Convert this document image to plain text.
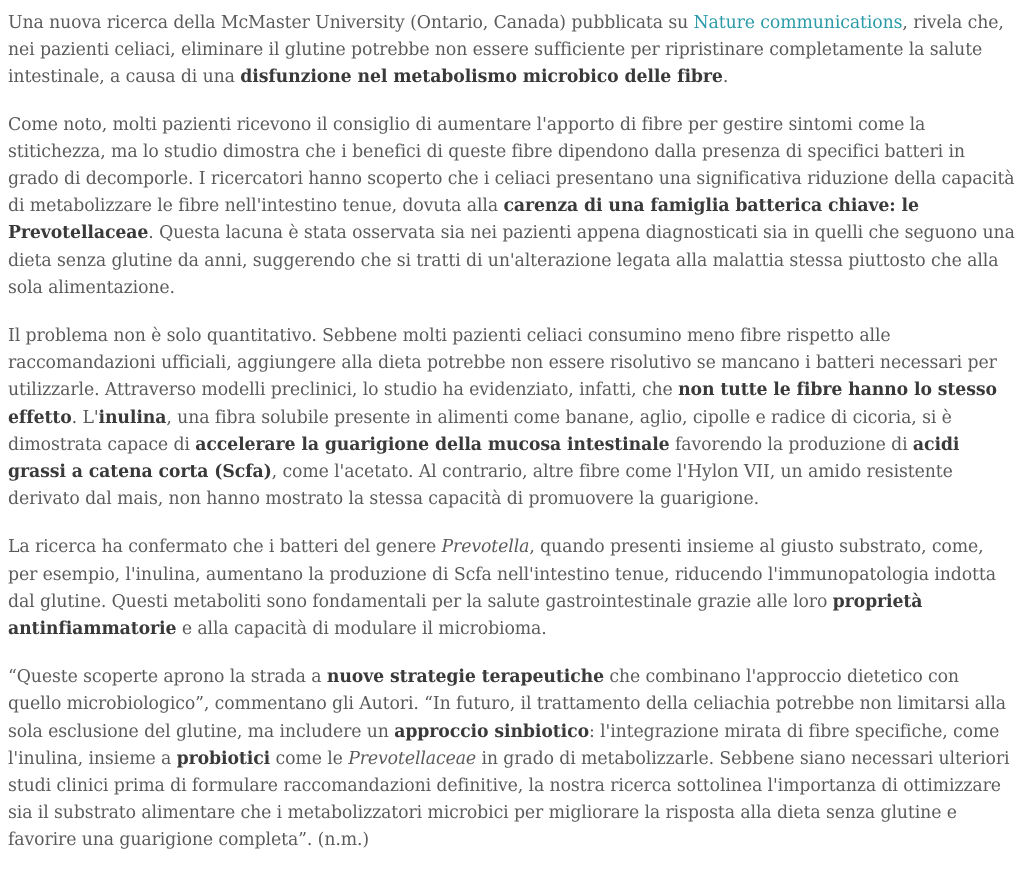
Una nuova ricerca della McMaster University (Ontario, Canada) pubblicata su Nature communications, rivela che, nei pazienti celiaci, eliminare il glutine potrebbe non essere sufficiente per ripristinare completamente la salute intestinale, a causa di una disfunzione nel metabolismo microbico delle fibre.

Come noto, molti pazienti ricevono il consiglio di aumentare l'apporto di fibre per gestire sintomi come la stitichezza, ma lo studio dimostra che i benefici di queste fibre dipendono dalla presenza di specifici batteri in grado di decomporle. I ricercatori hanno scoperto che i celiaci presentano una significativa riduzione della capacità di metabolizzare le fibre nell'intestino tenue, dovuta alla carenza di una famiglia batterica chiave: le Prevotellaceae. Questa lacuna è stata osservata sia nei pazienti appena diagnosticati sia in quelli che seguono una dieta senza glutine da anni, suggerendo che si tratti di un'alterazione legata alla malattia stessa piuttosto che alla sola alimentazione.

Il problema non è solo quantitativo. Sebbene molti pazienti celiaci consumino meno fibre rispetto alle raccomandazioni ufficiali, aggiungere alla dieta potrebbe non essere risolutivo se mancano i batteri necessari per utilizzarle. Attraverso modelli preclinici, lo studio ha evidenziato, infatti, che non tutte le fibre hanno lo stesso effetto. L'inulina, una fibra solubile presente in alimenti come banane, aglio, cipolle e radice di cicoria, si è dimostrata capace di accelerare la guarigione della mucosa intestinale favorendo la produzione di acidi grassi a catena corta (Scfa), come l'acetato. Al contrario, altre fibre come l'Hylon VII, un amido resistente derivato dal mais, non hanno mostrato la stessa capacità di promuovere la guarigione.

La ricerca ha confermato che i batteri del genere Prevotella, quando presenti insieme al giusto substrato, come, per esempio, l'inulina, aumentano la produzione di Scfa nell'intestino tenue, riducendo l'immunopatologia indotta dal glutine. Questi metaboliti sono fondamentali per la salute gastrointestinale grazie alle loro proprietà antinfiammatorie e alla capacità di modulare il microbioma.

“Queste scoperte aprono la strada a nuove strategie terapeutiche che combinano l'approccio dietetico con quello microbiologico”, commentano gli Autori. “In futuro, il trattamento della celiachia potrebbe non limitarsi alla sola esclusione del glutine, ma includere un approccio sinbiotico: l'integrazione mirata di fibre specifiche, come l'inulina, insieme a probiotici come le Prevotellaceae in grado di metabolizzarle. Sebbene siano necessari ulteriori studi clinici prima di formulare raccomandazioni definitive, la nostra ricerca sottolinea l'importanza di ottimizzare sia il substrato alimentare che i metabolizzatori microbici per migliorare la risposta alla dieta senza glutine e favorire una guarigione completa”. (n.m.)
